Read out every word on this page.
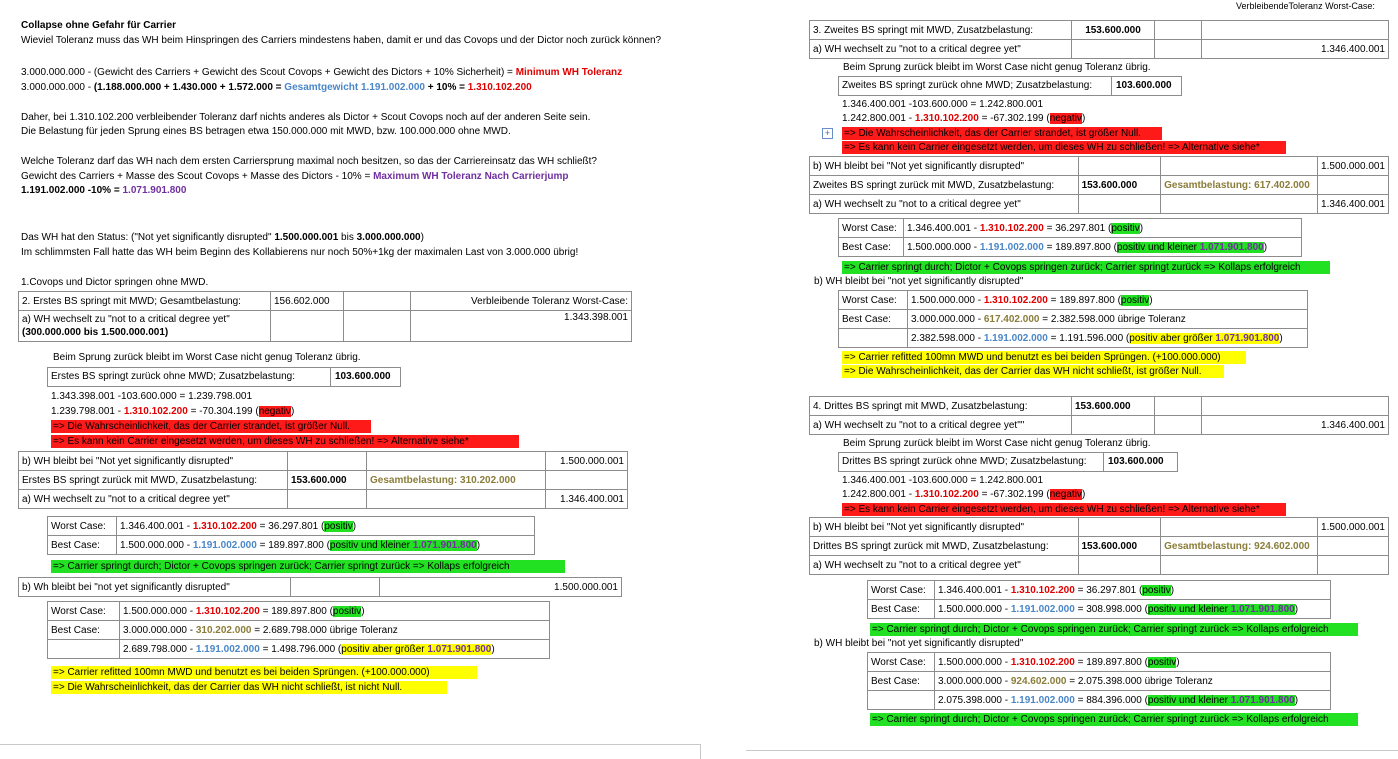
VerbleibendeToleranz Worst-Case:
Collapse ohne Gefahr für Carrier
Wieviel Toleranz muss das WH beim Hinspringen des Carriers mindestens haben, damit er und das Covops und der Dictor noch zurück können?
3.000.000.000 - (Gewicht des Carriers + Gewicht des Scout Covops + Gewicht des Dictors + 10% Sicherheit) = Minimum WH Toleranz
3.000.000.000 - (1.188.000.000 + 1.430.000 + 1.572.000 = Gesamtgewicht 1.191.002.000 + 10% = 1.310.102.200
Daher, bei 1.310.102.200 verbleibender Toleranz darf nichts anderes als Dictor + Scout Covops noch auf der anderen Seite sein.
Die Belastung für jeden Sprung eines BS betragen etwa 150.000.000 mit MWD, bzw. 100.000.000 ohne MWD.
Welche Toleranz darf das WH nach dem ersten Carriersprung maximal noch besitzen, so das der Carriereinsatz das WH schließt?
Gewicht des Carriers + Masse des Scout Covops + Masse des Dictors - 10% = Maximum WH Toleranz Nach Carrierjump
1.191.002.000 -10% = 1.071.901.800
Das WH hat den Status: ("Not yet significantly disrupted" 1.500.000.001 bis 3.000.000.000)
Im schlimmsten Fall hatte das WH beim Beginn des Kollabierens nur noch 50%+1kg der maximalen Last von 3.000.000 übrig!
1.Covops und Dictor springen ohne MWD.
2. Erstes BS springt mit MWD; Gesamtbelastung:	156.602.000		Verbleibende Toleranz Worst-Case:

a) WH wechselt zu "not to a critical degree yet"
(300.000.000 bis 1.500.000.001)			1.343.398.001
Beim Sprung zurück bleibt im Worst Case nicht genug Toleranz übrig.
Erstes BS springt zurück ohne MWD; Zusatzbelastung:	103.600.000
1.343.398.001 -103.600.000 = 1.239.798.001
1.239.798.001 - 1.310.102.200 = -70.304.199 (negativ)
=> Die Wahrscheinlichkeit, das der Carrier strandet, ist größer Null.
=> Es kann kein Carrier eingesetzt werden, um dieses WH zu schließen! => Alternative siehe*
b) WH bleibt bei "Not yet significantly disrupted"			1.500.000.001
Erstes BS springt zurück mit MWD, Zusatzbelastung:	153.600.000	Gesamtbelastung: 310.202.000	
a) WH wechselt zu "not to a critical degree yet"			1.346.400.001
Worst Case:	1.346.400.001 - 1.310.102.200 = 36.297.801 (positiv)
Best Case:	1.500.000.000 - 1.191.002.000 = 189.897.800 (positiv und kleiner 1.071.901.800)
=> Carrier springt durch; Dictor + Covops springen zurück; Carrier springt zurück => Kollaps erfolgreich
b) Wh bleibt bei "not yet significantly disrupted"		1.500.000.001
Worst Case:	1.500.000.000 - 1.310.102.200 = 189.897.800 (positiv)
Best Case:	3.000.000.000 - 310.202.000 = 2.689.798.000 übrige Toleranz
	2.689.798.000 - 1.191.002.000 = 1.498.796.000 (positiv aber größer 1.071.901.800)
=> Carrier refitted 100mn MWD und benutzt es bei beiden Sprüngen. (+100.000.000)
=> Die Wahrscheinlichkeit, das der Carrier das WH nicht schließt, ist nicht Null.
3. Zweites BS springt mit MWD, Zusatzbelastung:	153.600.000		
a) WH wechselt zu "not to a critical degree yet"			1.346.400.001
Beim Sprung zurück bleibt im Worst Case nicht genug Toleranz übrig.
Zweites BS springt zurück ohne MWD; Zusatzbelastung:	103.600.000
1.346.400.001 -103.600.000 = 1.242.800.001
1.242.800.001 - 1.310.102.200 = -67.302.199 (negativ)
+ => Die Wahrscheinlichkeit, das der Carrier strandet, ist größer Null.
=> Es kann kein Carrier eingesetzt werden, um dieses WH zu schließen! => Alternative siehe*
b) WH bleibt bei "Not yet significantly disrupted"			1.500.000.001
Zweites BS springt zurück mit MWD, Zusatzbelastung:	153.600.000	Gesamtbelastung: 617.402.000	
a) WH wechselt zu "not to a critical degree yet"			1.346.400.001
Worst Case:	1.346.400.001 - 1.310.102.200 = 36.297.801 (positiv)
Best Case:	1.500.000.000 - 1.191.002.000 = 189.897.800 (positiv und kleiner 1.071.901.800)
=> Carrier springt durch; Dictor + Covops springen zurück; Carrier springt zurück => Kollaps erfolgreich
b) WH bleibt bei "not yet significantly disrupted"
Worst Case:	1.500.000.000 - 1.310.102.200 = 189.897.800 (positiv)
Best Case:	3.000.000.000 - 617.402.000 = 2.382.598.000 übrige Toleranz
	2.382.598.000 - 1.191.002.000 = 1.191.596.000 (positiv aber größer 1.071.901.800)
=> Carrier refitted 100mn MWD und benutzt es bei beiden Sprüngen. (+100.000.000)
=> Die Wahrscheinlichkeit, das der Carrier das WH nicht schließt, ist größer Null.
4. Drittes BS springt mit MWD, Zusatzbelastung:	153.600.000		
a) WH wechselt zu "not to a critical degree yet""			1.346.400.001
Beim Sprung zurück bleibt im Worst Case nicht genug Toleranz übrig.
Drittes BS springt zurück ohne MWD; Zusatzbelastung:	103.600.000
1.346.400.001 -103.600.000 = 1.242.800.001
1.242.800.001 - 1.310.102.200 = -67.302.199 (negativ)
=> Es kann kein Carrier eingesetzt werden, um dieses WH zu schließen! => Alternative siehe*
b) WH bleibt bei "Not yet significantly disrupted"			1.500.000.001
Drittes BS springt zurück mit MWD, Zusatzbelastung:	153.600.000	Gesamtbelastung: 924.602.000	
a) WH wechselt zu "not to a critical degree yet"			
Worst Case:	1.346.400.001 - 1.310.102.200 = 36.297.801 (positiv)
Best Case:	1.500.000.000 - 1.191.002.000 = 308.998.000 (positiv und kleiner 1.071.901.800)
=> Carrier springt durch; Dictor + Covops springen zurück; Carrier springt zurück => Kollaps erfolgreich
b) WH bleibt bei "not yet significantly disrupted"
Worst Case:	1.500.000.000 - 1.310.102.200 = 189.897.800 (positiv)
Best Case:	3.000.000.000 - 924.602.000 = 2.075.398.000 übrige Toleranz
	2.075.398.000 - 1.191.002.000 = 884.396.000 (positiv und kleiner 1.071.901.800)
=> Carrier springt durch; Dictor + Covops springen zurück; Carrier springt zurück => Kollaps erfolgreich
